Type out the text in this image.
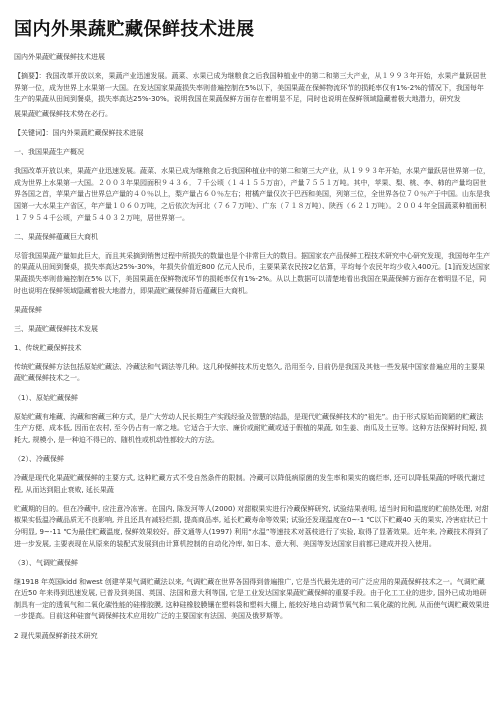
国内外果蔬贮藏保鲜技术进展

国内外果蔬贮藏保鲜技术进展

【摘要】：我国改革开放以来，果蔬产业迅速发展。蔬菜、水果已成为继粮食之后我国种植业中的第二和第三大产业，从１９９３年开始，水果产量跃居世界第一位，成为世界上水果第一大国。在发达国家果蔬损失率则普遍控制在5%以下，美国果蔬在保鲜物流环节的损耗率仅有1%-2%的情况下，我国每年生产的果蔬从田间到餐桌，损失率高达25%-30%。说明我国在果蔬保鲜方面存在着明显不足，同时也说明在保鲜领域隐藏着极大地潜力，研究发

展果蔬贮藏保鲜技术势在必行。

【关键词】：国内外果蔬贮藏保鲜技术进展

一、我国果蔬生产概况

我国改革开放以来，果蔬产业迅速发展。蔬菜、水果已成为继粮食之后我国种植业中的第二和第三大产业，从１９９３年开始，水果产量跃居世界第一位，成为世界上水果第一大国。２００３年果园面积９４３６．７千公顷（１４１５５万亩），产量７５５１万吨。其中，苹果、梨、桃、李、柿的产量均居世界各国之首，苹果产量占世界总产量的４０％以上，梨产量占６０％左右；柑橘产量仅次于巴西和美国，列第三位，全世界各位７０％产于中国。山东是我国第一大水果主产省区，年产量１０６０万吨，之后依次为河北（７６７万吨）、广东（７１８万吨）、陕西（６２１万吨）。２００４年全国蔬菜种植面积１７９５４千公顷，产量５４０３２万吨，居世界第一。

二、果蔬保鲜蕴藏巨大商机

尽管我国果蔬产量如此巨大，而且其采摘到销售过程中所损失的数量也是个非常巨大的数目。据国家农产品保鲜工程技术研究中心研究发现，我国每年生产的果蔬从田间到餐桌，损失率高达25%-30%，年损失价值近800 亿元人民币，主要果菜农民按2亿估算，平均每个农民年均少收入400元。[1]而发达国家果蔬损失率则普遍控制在5% 以下，美国果蔬在保鲜物流环节的损耗率仅有1%-2%。从以上数据可以清楚地看出我国在果蔬保鲜方面存在着明显不足，同时也说明在保鲜领域隐藏着极大地潜力，即果蔬贮藏保鲜背后蕴藏巨大商机。

果蔬保鲜

三、果蔬贮藏保鲜技术发展

1、传统贮藏保鲜技术

传统贮藏保鲜方法包括原始贮藏法、冷藏法和气调法等几种。这几种保鲜技术历史悠久, 沿用至今, 目前仍是我国及其他一些发展中国家普遍应用的主要果蔬贮藏保鲜技术之一。

（1）、原始贮藏保鲜

原始贮藏有堆藏、沟藏和窖藏三种方式，是广大劳动人民长期生产实践经验及智慧的结晶，是现代贮藏保鲜技术的“祖先”。由于形式原始而简陋的贮藏法生产方便、成本低, 因而在农村, 至今仍占有一席之地。它适合于大宗、廉价或耐贮藏或适于假植的果蔬, 如生姜、南瓜及土豆等。这种方法保鲜时间短, 损耗大, 规模小, 是一种迫不得已的、随机性或机动性都较大的方法。

（2）、冷藏保鲜

冷藏是现代化果蔬贮藏保鲜的主要方式, 这种贮藏方式不受自然条件的限制。冷藏可以降低病原菌的发生率和果实的腐烂率, 还可以降低果蔬的呼吸代谢过程, 从而达到阻止衰败, 延长果蔬

贮藏期的目的。但在冷藏中, 应注意冷冻害。在国内, 陈发河等人(2000) 对甜椒果实进行冷藏保鲜研究, 试验结果表明, 适当时间和温度的贮前热处理, 对甜椒果实低温冷藏品质无不良影响, 并且还具有减轻烂损, 提高商品率, 延长贮藏寿命等效果; 试验还发现温度在0~-1 ℃以下贮藏40 天的果实, 冷害症状已十分明显, 9~-11 ℃为最佳贮藏温度, 保鲜效果较好。薛文通等人(1997) 利用“水温”等速技术对荔枝进行了实验, 取得了显著效果。近年来, 冷藏技术得到了进一步发展, 主要表现在从原来的装配式发展到由计算机控制的自动化冷库, 如日本、意大利、美国等发达国家目前都已建成并投入使用。

（3）、气调贮藏保鲜

继1918 年英国kidd 和west 创建苹果气调贮藏法以来, 气调贮藏在世界各国得到普遍推广, 它是当代最先进的可广泛应用的果蔬保鲜技术之一。气调贮藏在近50 年来得到迅速发展, 已普及到美国、英国、法国和意大利等国, 它是工业发达国家果蔬贮藏保鲜的重要手段。由于化工工业的进步, 国外已成功地研制具有一定的透氧气和二氧化碳性能的硅橡胶膜, 这种硅橡胶膜镶在塑料袋和塑料大棚上, 能较好地自动调节氧气和二氧化碳的比例, 从而使气调贮藏效果进一步提高。目前这种硅窗气调保鲜技术应用较广泛的主要国家有法国、美国及俄罗斯等。

2 现代果蔬保鲜新技术研究
